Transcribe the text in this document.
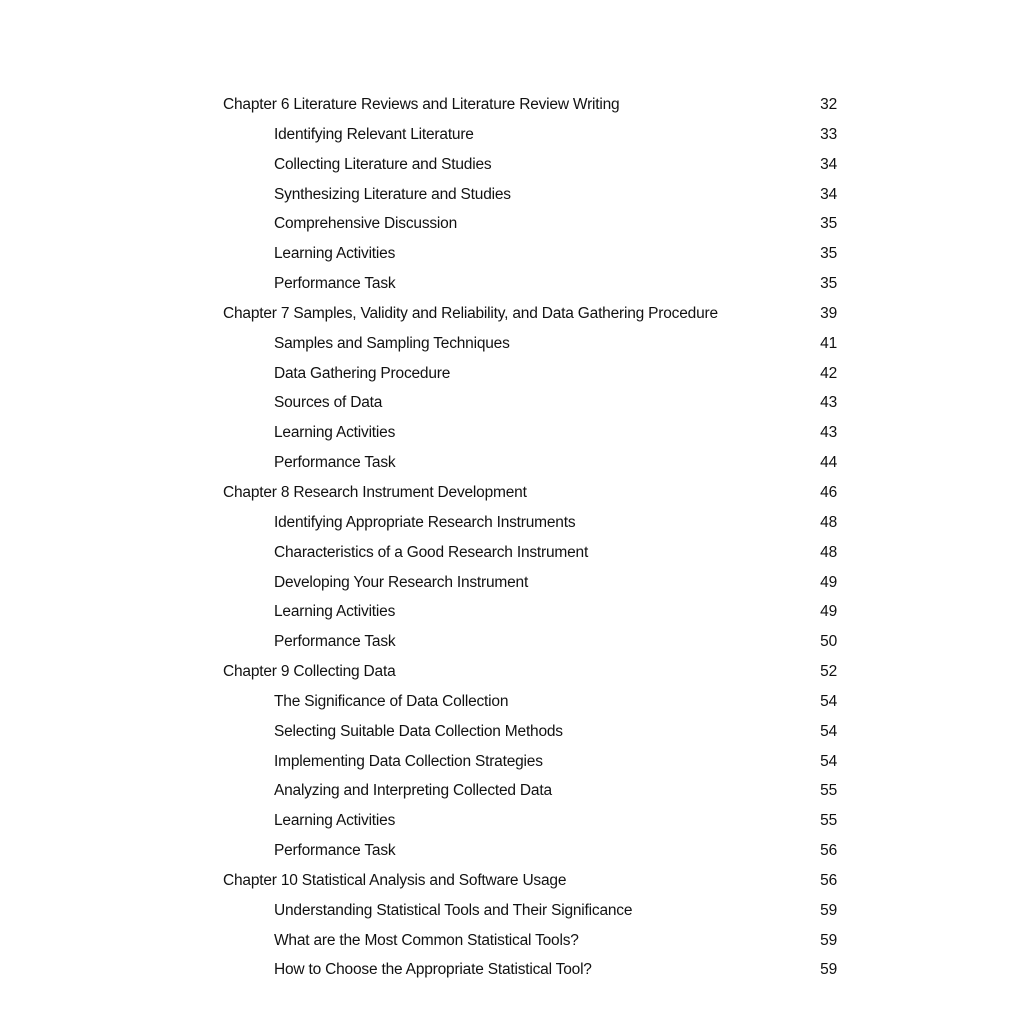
Chapter 6 Literature Reviews and Literature Review Writing	32
Identifying Relevant Literature	33
Collecting Literature and Studies	34
Synthesizing Literature and Studies	34
Comprehensive Discussion	35
Learning Activities	35
Performance Task	35
Chapter 7 Samples, Validity and Reliability, and Data Gathering Procedure	39
Samples and Sampling Techniques	41
Data Gathering Procedure	42
Sources of Data	43
Learning Activities	43
Performance Task	44
Chapter 8 Research Instrument Development	46
Identifying Appropriate Research Instruments	48
Characteristics of a Good Research Instrument	48
Developing Your Research Instrument	49
Learning Activities	49
Performance Task	50
Chapter 9 Collecting Data	52
The Significance of Data Collection	54
Selecting Suitable Data Collection Methods	54
Implementing Data Collection Strategies	54
Analyzing and Interpreting Collected Data	55
Learning Activities	55
Performance Task	56
Chapter 10 Statistical Analysis and Software Usage	56
Understanding Statistical Tools and Their Significance	59
What are the Most Common Statistical Tools?	59
How to Choose the Appropriate Statistical Tool?	59
